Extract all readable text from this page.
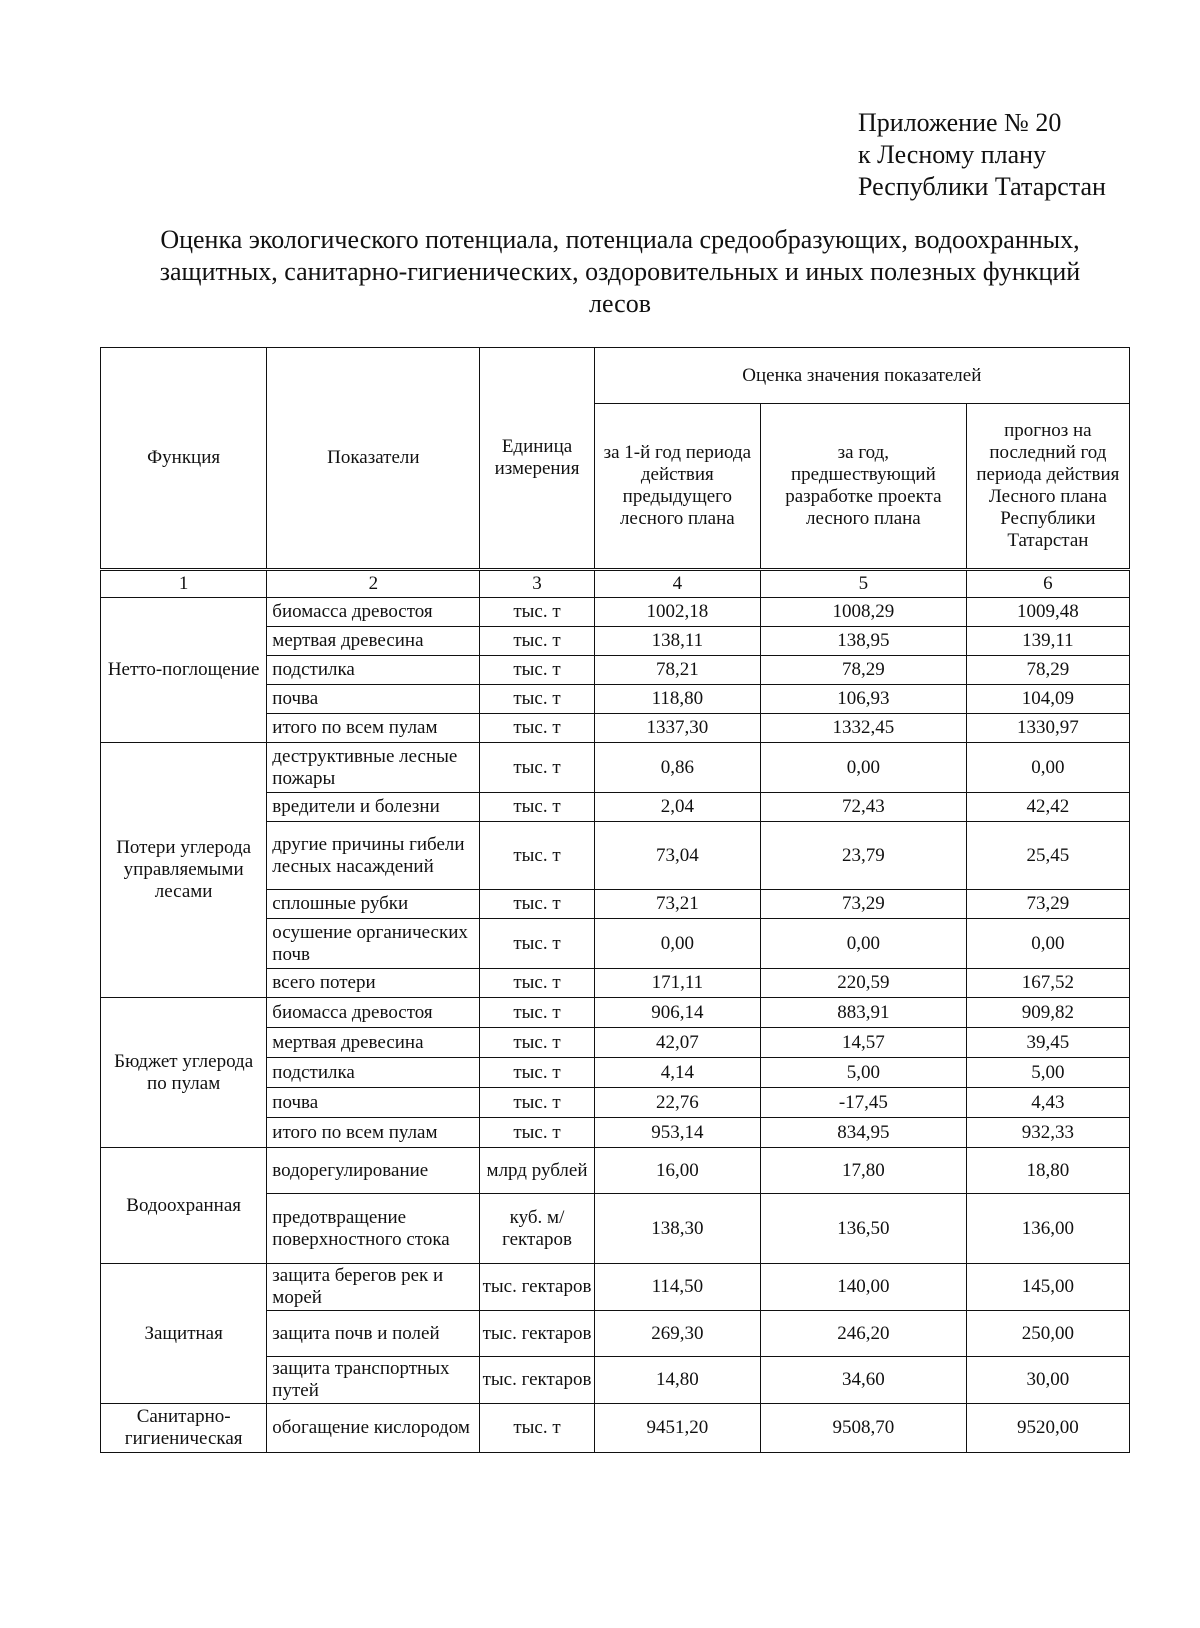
Приложение № 20
к Лесному плану
Республики Татарстан
Оценка экологического потенциала, потенциала средообразующих, водоохранных,
защитных, санитарно-гигиенических, оздоровительных и иных полезных функций
лесов
Функция	Показатели	Единица измерения	Оценка значения показателей		
			за 1-й год периода действия предыдущего лесного плана	за год, предшествующий разработке проекта лесного плана	прогноз на последний год периода действия Лесного плана Республики Татарстан
1	2	3	4	5	6
Нетто-поглощение	биомасса древостоя	тыс. т	1002,18	1008,29	1009,48
	мертвая древесина	тыс. т	138,11	138,95	139,11
	подстилка	тыс. т	78,21	78,29	78,29
	почва	тыс. т	118,80	106,93	104,09
	итого по всем пулам	тыс. т	1337,30	1332,45	1330,97
Потери углерода управляемыми лесами	деструктивные лесные пожары	тыс. т	0,86	0,00	0,00
	вредители и болезни	тыс. т	2,04	72,43	42,42
	другие причины гибели лесных насаждений	тыс. т	73,04	23,79	25,45
	сплошные рубки	тыс. т	73,21	73,29	73,29
	осушение органических почв	тыс. т	0,00	0,00	0,00
	всего потери	тыс. т	171,11	220,59	167,52
Бюджет углерода по пулам	биомасса древостоя	тыс. т	906,14	883,91	909,82
	мертвая древесина	тыс. т	42,07	14,57	39,45
	подстилка	тыс. т	4,14	5,00	5,00
	почва	тыс. т	22,76	-17,45	4,43
	итого по всем пулам	тыс. т	953,14	834,95	932,33
Водоохранная	водорегулирование	млрд рублей	16,00	17,80	18,80
	предотвращение поверхностного стока	куб. м/ гектаров	138,30	136,50	136,00
Защитная	защита берегов рек и морей	тыс. гектаров	114,50	140,00	145,00
	защита почв и полей	тыс. гектаров	269,30	246,20	250,00
	защита транспортных путей	тыс. гектаров	14,80	34,60	30,00
Санитарно-гигиеническая	обогащение кислородом	тыс. т	9451,20	9508,70	9520,00
